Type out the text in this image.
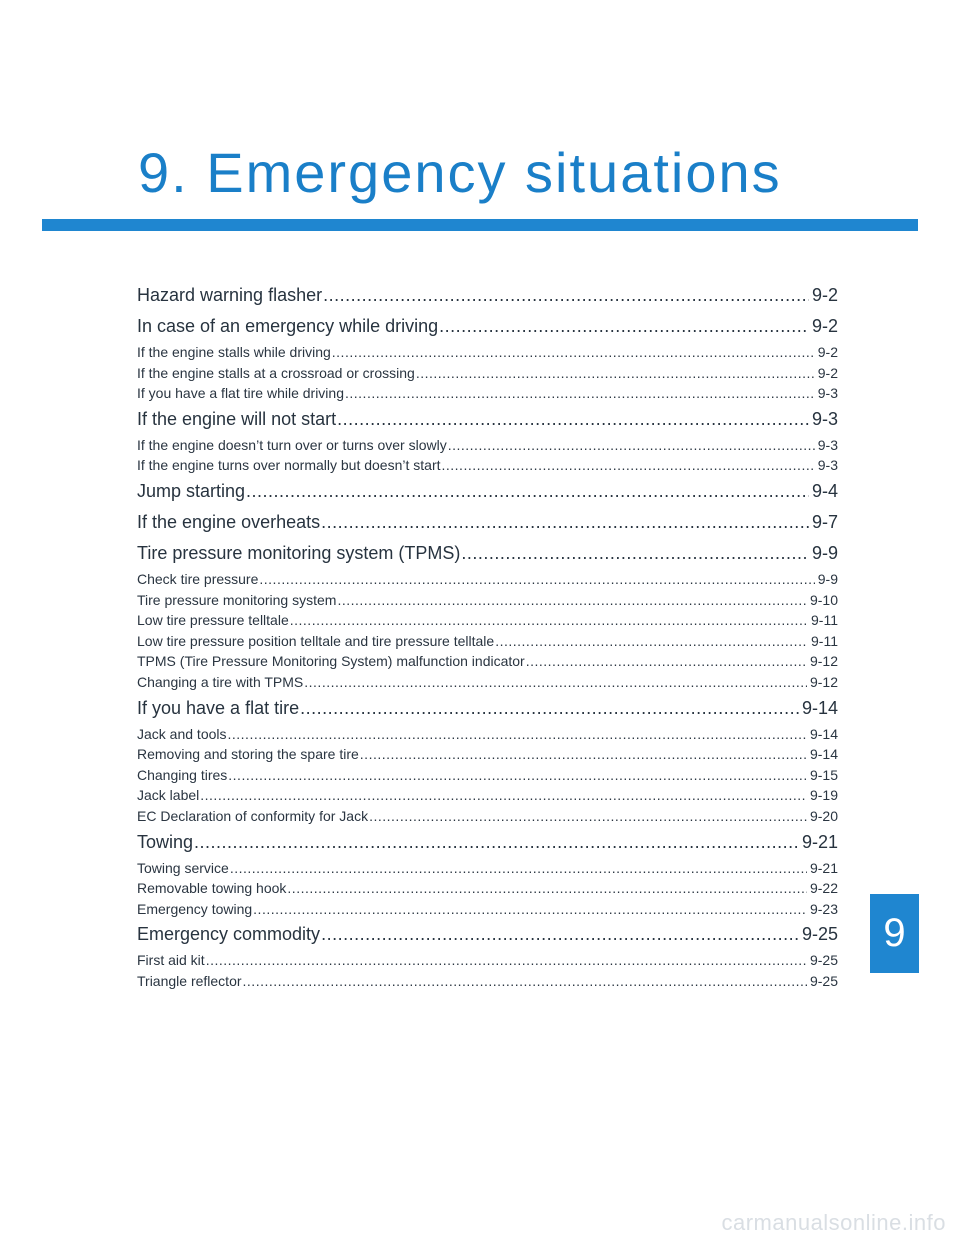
9. Emergency situations
Hazard warning flasher .....	9-2
In case of an emergency while driving .....	9-2
If the engine stalls while driving .....	9-2
If the engine stalls at a crossroad or crossing .....	9-2
If you have a flat tire while driving .....	9-3
If the engine will not start .....	9-3
If the engine doesn’t turn over or turns over slowly .....	9-3
If the engine turns over normally but doesn’t start .....	9-3
Jump starting .....	9-4
If the engine overheats .....	9-7
Tire pressure monitoring system (TPMS) .....	9-9
Check tire pressure .....	9-9
Tire pressure monitoring system .....	9-10
Low tire pressure telltale .....	9-11
Low tire pressure position telltale and tire pressure telltale .....	9-11
TPMS (Tire Pressure Monitoring System) malfunction indicator .....	9-12
Changing a tire with TPMS .....	9-12
If you have a flat tire .....	9-14
Jack and tools .....	9-14
Removing and storing the spare tire .....	9-14
Changing tires .....	9-15
Jack label .....	9-19
EC Declaration of conformity for Jack .....	9-20
Towing .....	9-21
Towing service .....	9-21
Removable towing hook .....	9-22
Emergency towing .....	9-23
Emergency commodity .....	9-25
First aid kit .....	9-25
Triangle reflector .....	9-25
9
carmanualsonline.info
